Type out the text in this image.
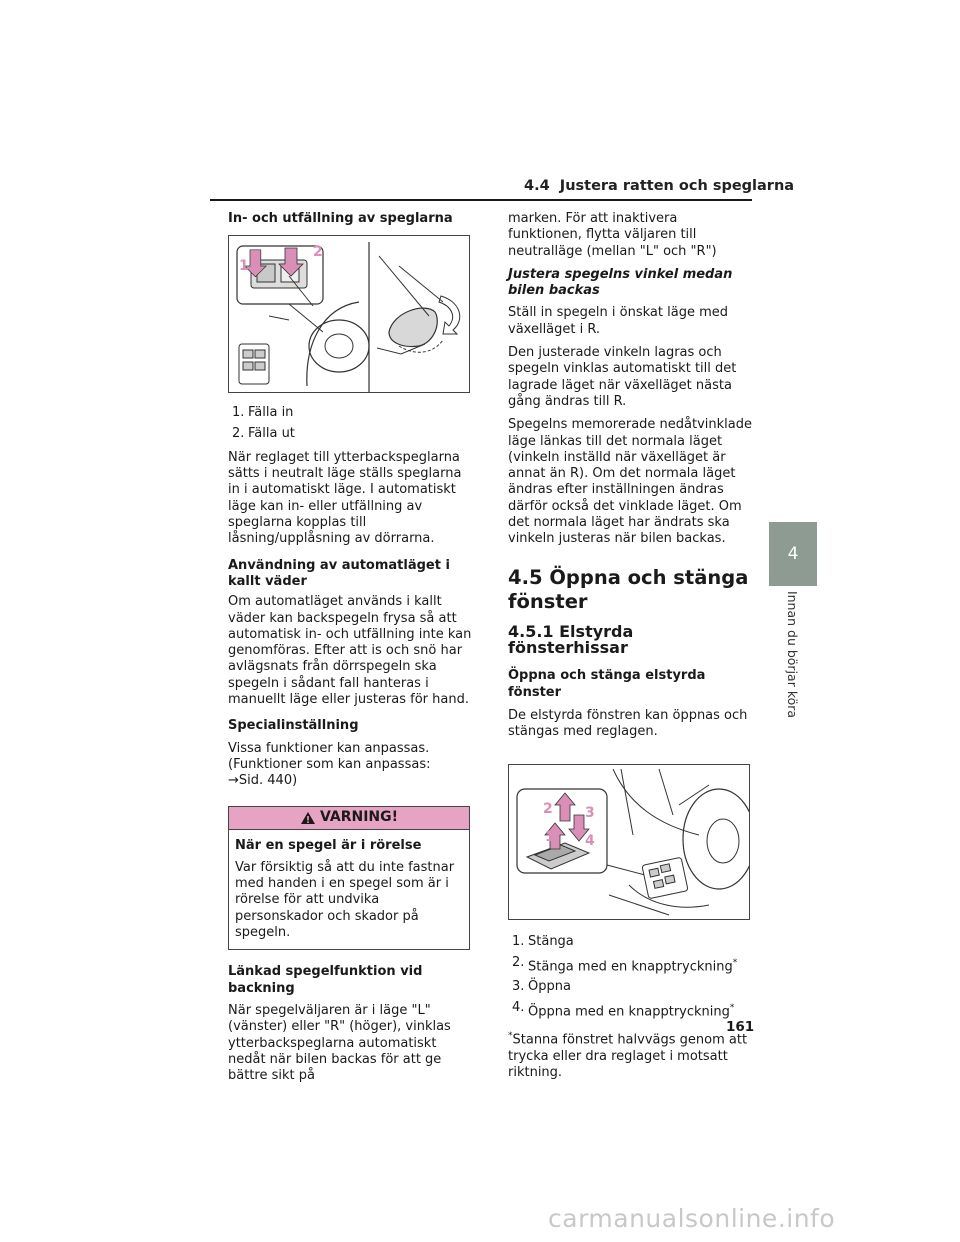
4.4 Justera ratten och speglarna
In- och utfällning av speglarna
1
2
1. Fälla in
2. Fälla ut
När reglaget till ytterbackspeglarna sätts i neutralt läge ställs speglarna in i automatiskt läge. I automatiskt läge kan in- eller utfällning av speglarna kopplas till låsning/upplåsning av dörrarna.
Användning av automatläget i kallt väder
Om automatläget används i kallt väder kan backspegeln frysa så att automatisk in- och utfällning inte kan genomföras. Efter att is och snö har avlägsnats från dörrspegeln ska spegeln i sådant fall hanteras i manuellt läge eller justeras för hand.
Specialinställning
Vissa funktioner kan anpassas. (Funktioner som kan anpassas:
→Sid. 440)
VARNING!
När en spegel är i rörelse
Var försiktig så att du inte fastnar med handen i en spegel som är i rörelse för att undvika personskador och skador på spegeln.
Länkad spegelfunktion vid backning
När spegelväljaren är i läge "L" (vänster) eller "R" (höger), vinklas ytterbackspeglarna automatiskt nedåt när bilen backas för att ge bättre sikt på
marken. För att inaktivera funktionen, flytta väljaren till neutralläge (mellan "L" och "R")
Justera spegelns vinkel medan bilen backas
Ställ in spegeln i önskat läge med växelläget i R.
Den justerade vinkeln lagras och spegeln vinklas automatiskt till det lagrade läget när växelläget nästa gång ändras till R.
Spegelns memorerade nedåtvinklade läge länkas till det normala läget (vinkeln inställd när växelläget är annat än R). Om det normala läget ändras efter inställningen ändras därför också det vinklade läget. Om det normala läget har ändrats ska vinkeln justeras när bilen backas.
4.5 Öppna och stänga fönster
4.5.1 Elstyrda fönsterhissar
Öppna och stänga elstyrda fönster
De elstyrda fönstren kan öppnas och stängas med reglagen.
2
1
3
4
1. Stänga
2. Stänga med en knapptryckning*
3. Öppna
4. Öppna med en knapptryckning*
*Stanna fönstret halvvägs genom att trycka eller dra reglaget i motsatt riktning.
4
Innan du börjar köra
161
carmanualsonline.info
